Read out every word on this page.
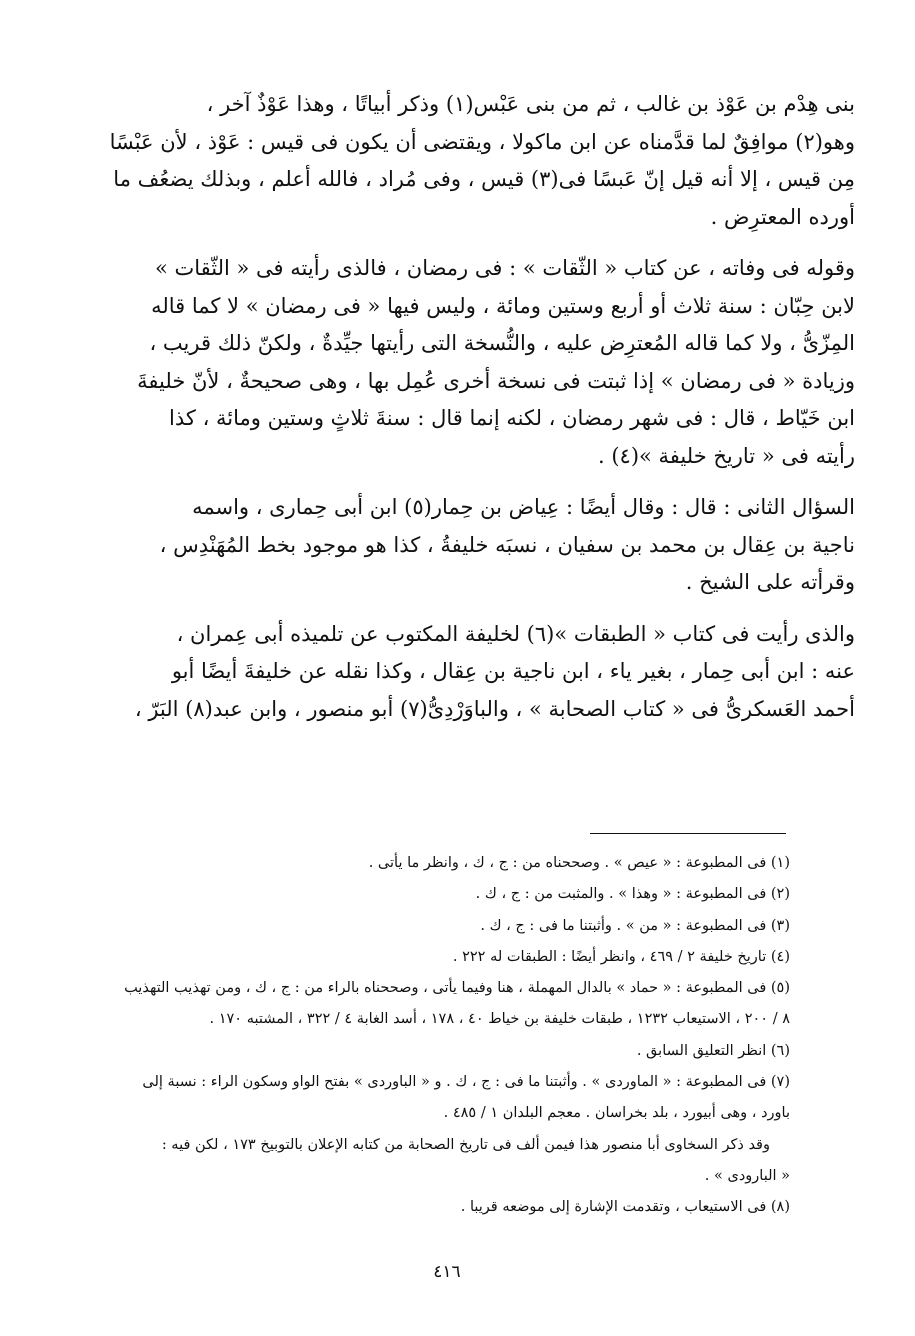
بنى هِدْم بن عَوْذ بن غالب ، ثم من بنى عَبْس(١) وذكر أبياتًا ، وهذا عَوْذٌ آخر ،
وهو(٢) موافِقٌ لما قدَّمناه عن ابن ماكولا ، ويقتضى أن يكون فى قيس : عَوْذ ، لأن عَبْسًا
مِن قيس ، إلا أنه قيل إنّ عَبسًا فى(٣) قيس ، وفى مُراد ، فالله أعلم ، وبذلك يضعُف ما
أورده المعترِض .

وقوله فى وفاته ، عن كتاب « الثّقات » : فى رمضان ، فالذى رأيته فى « الثّقات »
لابن حِبّان : سنة ثلاث أو أربع وستين ومائة ، وليس فيها « فى رمضان » لا كما قاله
المِزّىُّ ، ولا كما قاله المُعترِض عليه ، والنُّسخة التى رأيتها جيِّدةٌ ، ولكنّ ذلك قريب ،
وزيادة « فى رمضان » إذا ثبتت فى نسخة أخرى عُمِل بها ، وهى صحيحةٌ ، لأنّ خليفةَ
ابن خَيّاط ، قال : فى شهر رمضان ، لكنه إنما قال : سنةَ ثلاثٍ وستين ومائة ، كذا
رأيته فى « تاريخ خليفة »(٤) .

السؤال الثانى : قال : وقال أيضًا : عِياض بن حِمار(٥) ابن أبى حِمارى ، واسمه
ناجية بن عِقال بن محمد بن سفيان ، نسبَه خليفةُ ، كذا هو موجود بخط المُهَنْدِس ،
وقرأته على الشيخ .

والذى رأيت فى كتاب « الطبقات »(٦) لخليفة المكتوب عن تلميذه أبى عِمران ،
عنه : ابن أبى حِمار ، بغير ياء ، ابن ناجية بن عِقال ، وكذا نقله عن خليفةَ أيضًا أبو
أحمد العَسكرىُّ فى « كتاب الصحابة » ، والباوَرْدِىُّ(٧) أبو منصور ، وابن عبد(٨) البَرّ ،

(١) فى المطبوعة : « عيص » . وصححناه من : ج ، ك ، وانظر ما يأتى .
(٢) فى المطبوعة : « وهذا » . والمثبت من : ج ، ك .
(٣) فى المطبوعة : « من » . وأثبتنا ما فى : ج ، ك .
(٤) تاريخ خليفة ٢ / ٤٦٩ ، وانظر أيضًا : الطبقات له ٢٢٢ .
(٥) فى المطبوعة : « حماد » بالدال المهملة ، هنا وفيما يأتى ، وصححناه بالراء من : ج ، ك ، ومن تهذيب التهذيب
٨ / ٢٠٠ ، الاستيعاب ١٢٣٢ ، طبقات خليفة بن خياط ٤٠ ، ١٧٨ ، أسد الغابة ٤ / ٣٢٢ ، المشتبه ١٧٠ .
(٦) انظر التعليق السابق .
(٧) فى المطبوعة : « الماوردى » . وأثبتنا ما فى : ج ، ك . و « الباوردى » بفتح الواو وسكون الراء : نسبة إلى
باورد ، وهى أبيورد ، بلد بخراسان . معجم البلدان ١ / ٤٨٥ .
وقد ذكر السخاوى أبا منصور هذا فيمن ألف فى تاريخ الصحابة من كتابه الإعلان بالتوبيخ ١٧٣ ، لكن فيه :
« البارودى » .
(٨) فى الاستيعاب ، وتقدمت الإشارة إلى موضعه قريبا .
٤١٦
